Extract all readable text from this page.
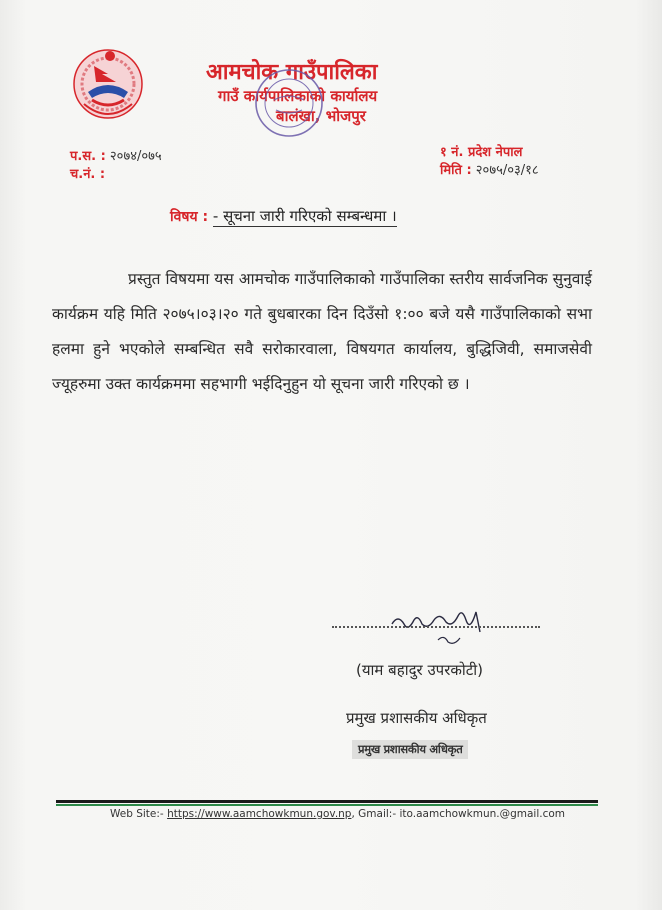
आमचोक गाउँपालिका
गाउँ कार्यपालिकाको कार्यालय
बालंखा, भोजपुर
प.स. : २०७४/०७५
च.नं. :
१ नं. प्रदेश नेपाल
मिति : २०७५/०३/१८
विषय : - सूचना जारी गरिएको सम्बन्धमा ।
प्रस्तुत विषयमा यस आमचोक गाउँपालिकाको गाउँपालिका स्तरीय सार्वजनिक सुनुवाई कार्यक्रम यहि मिति २०७५।०३।२० गते बुधबारका दिन दिउँसो १:०० बजे यसै गाउँपालिकाको सभा हलमा हुने भएकोले सम्बन्धित सवै सरोकारवाला, विषयगत कार्यालय, बुद्धिजिवी, समाजसेवी ज्यूहरुमा उक्त कार्यक्रममा सहभागी भईदिनुहुन यो सूचना जारी गरिएको छ ।
(याम बहादुर उपरकोटी)
प्रमुख प्रशासकीय अधिकृत
प्रमुख प्रशासकीय अधिकृत
Web Site:- https://www.aamchowkmun.gov.np, Gmail:- ito.aamchowkmun.@gmail.com
